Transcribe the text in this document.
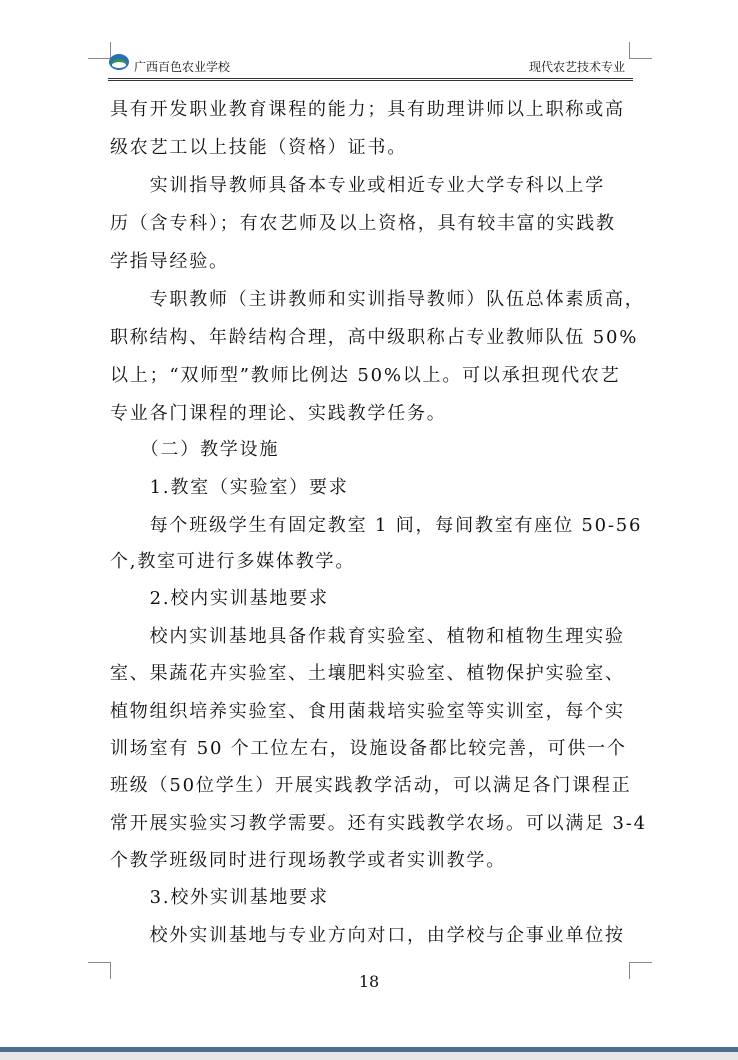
广西百色农业学校	现代农艺技术专业
具有开发职业教育课程的能力；具有助理讲师以上职称或高
级农艺工以上技能（资格）证书。
　　实训指导教师具备本专业或相近专业大学专科以上学
历（含专科）；有农艺师及以上资格，具有较丰富的实践教
学指导经验。
　　专职教师（主讲教师和实训指导教师）队伍总体素质高，
职称结构、年龄结构合理，高中级职称占专业教师队伍 50%
以上；“双师型”教师比例达 50%以上。可以承担现代农艺
专业各门课程的理论、实践教学任务。
　　（二）教学设施
　　1.教室（实验室）要求
　　每个班级学生有固定教室 1 间，每间教室有座位 50-56
个,教室可进行多媒体教学。
　　2.校内实训基地要求
　　校内实训基地具备作栽育实验室、植物和植物生理实验
室、果蔬花卉实验室、土壤肥料实验室、植物保护实验室、
植物组织培养实验室、食用菌栽培实验室等实训室，每个实
训场室有 50 个工位左右，设施设备都比较完善，可供一个
班级（50位学生）开展实践教学活动，可以满足各门课程正
常开展实验实习教学需要。还有实践教学农场。可以满足 3-4
个教学班级同时进行现场教学或者实训教学。
　　3.校外实训基地要求
　　校外实训基地与专业方向对口，由学校与企事业单位按
18
